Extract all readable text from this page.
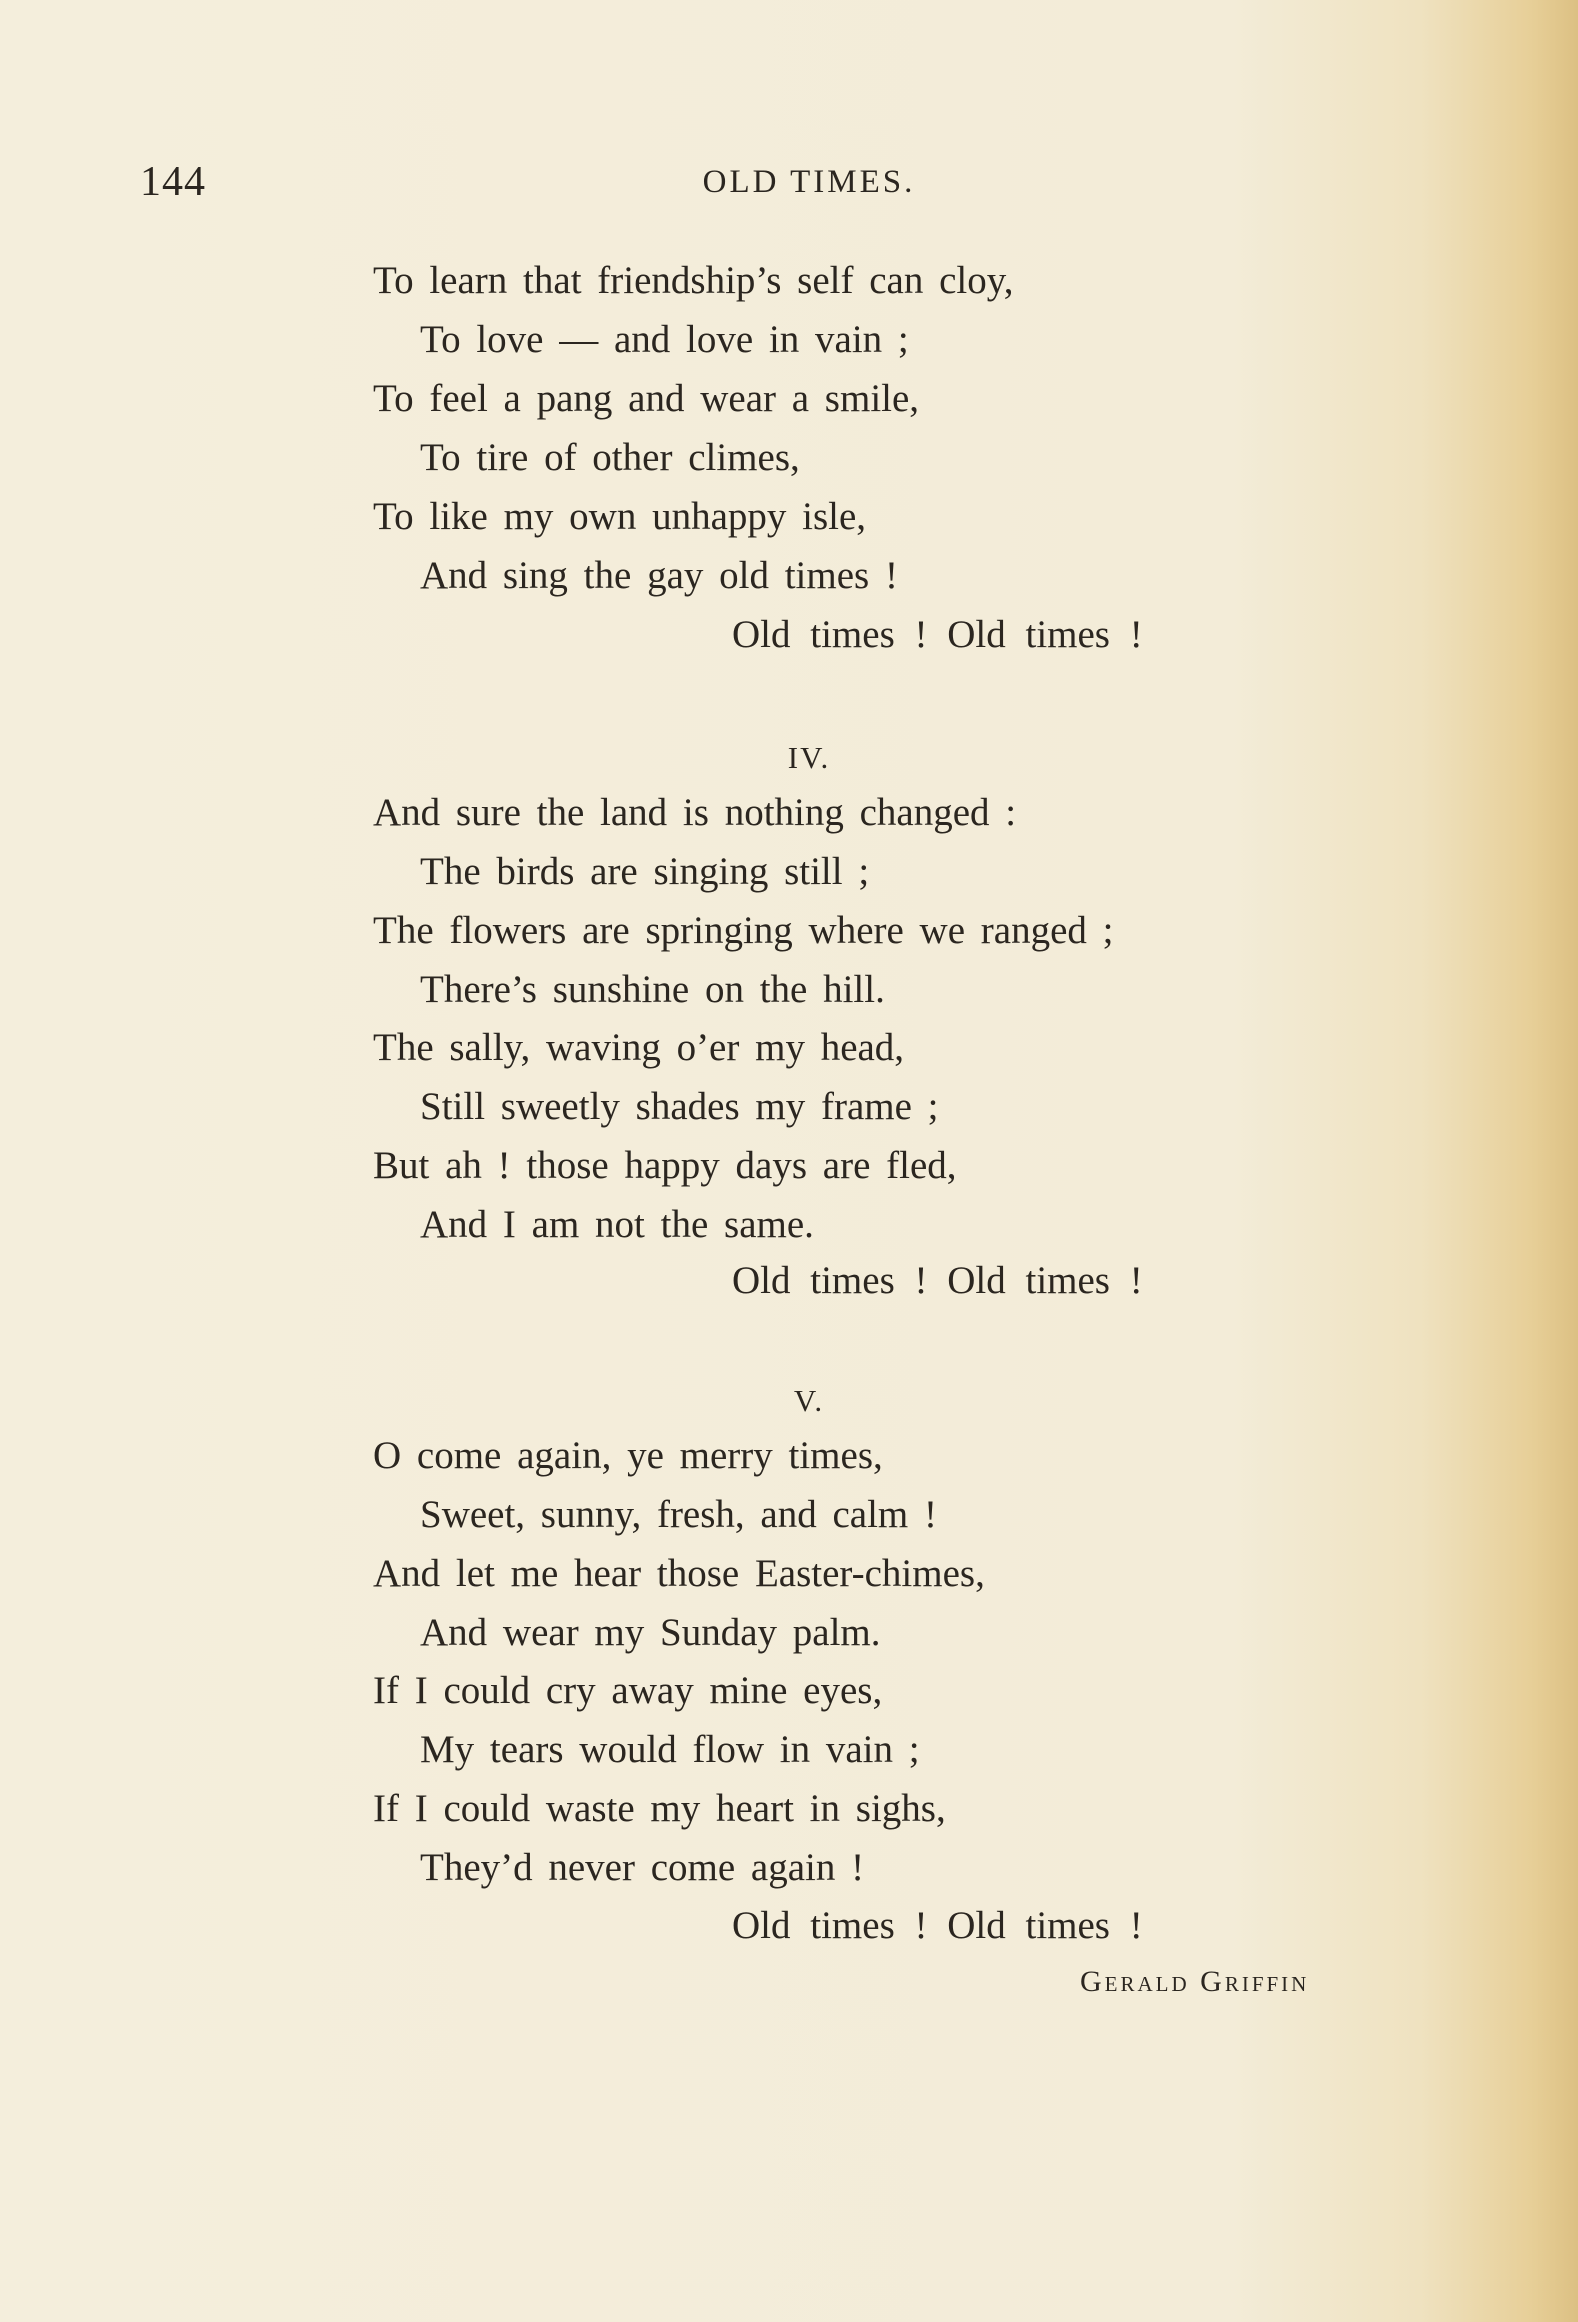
144	OLD TIMES.
To learn that friendship’s self can cloy,
To love — and love in vain ;
To feel a pang and wear a smile,
To tire of other climes,
To like my own unhappy isle,
And sing the gay old times !
Old times ! Old times !
IV.
And sure the land is nothing changed :
The birds are singing still ;
The flowers are springing where we ranged ;
There’s sunshine on the hill.
The sally, waving o’er my head,
Still sweetly shades my frame ;
But ah ! those happy days are fled,
And I am not the same.
Old times ! Old times !
V.
O come again, ye merry times,
Sweet, sunny, fresh, and calm !
And let me hear those Easter-chimes,
And wear my Sunday palm.
If I could cry away mine eyes,
My tears would flow in vain ;
If I could waste my heart in sighs,
They’d never come again !
Old times ! Old times !
Gerald Griffin
